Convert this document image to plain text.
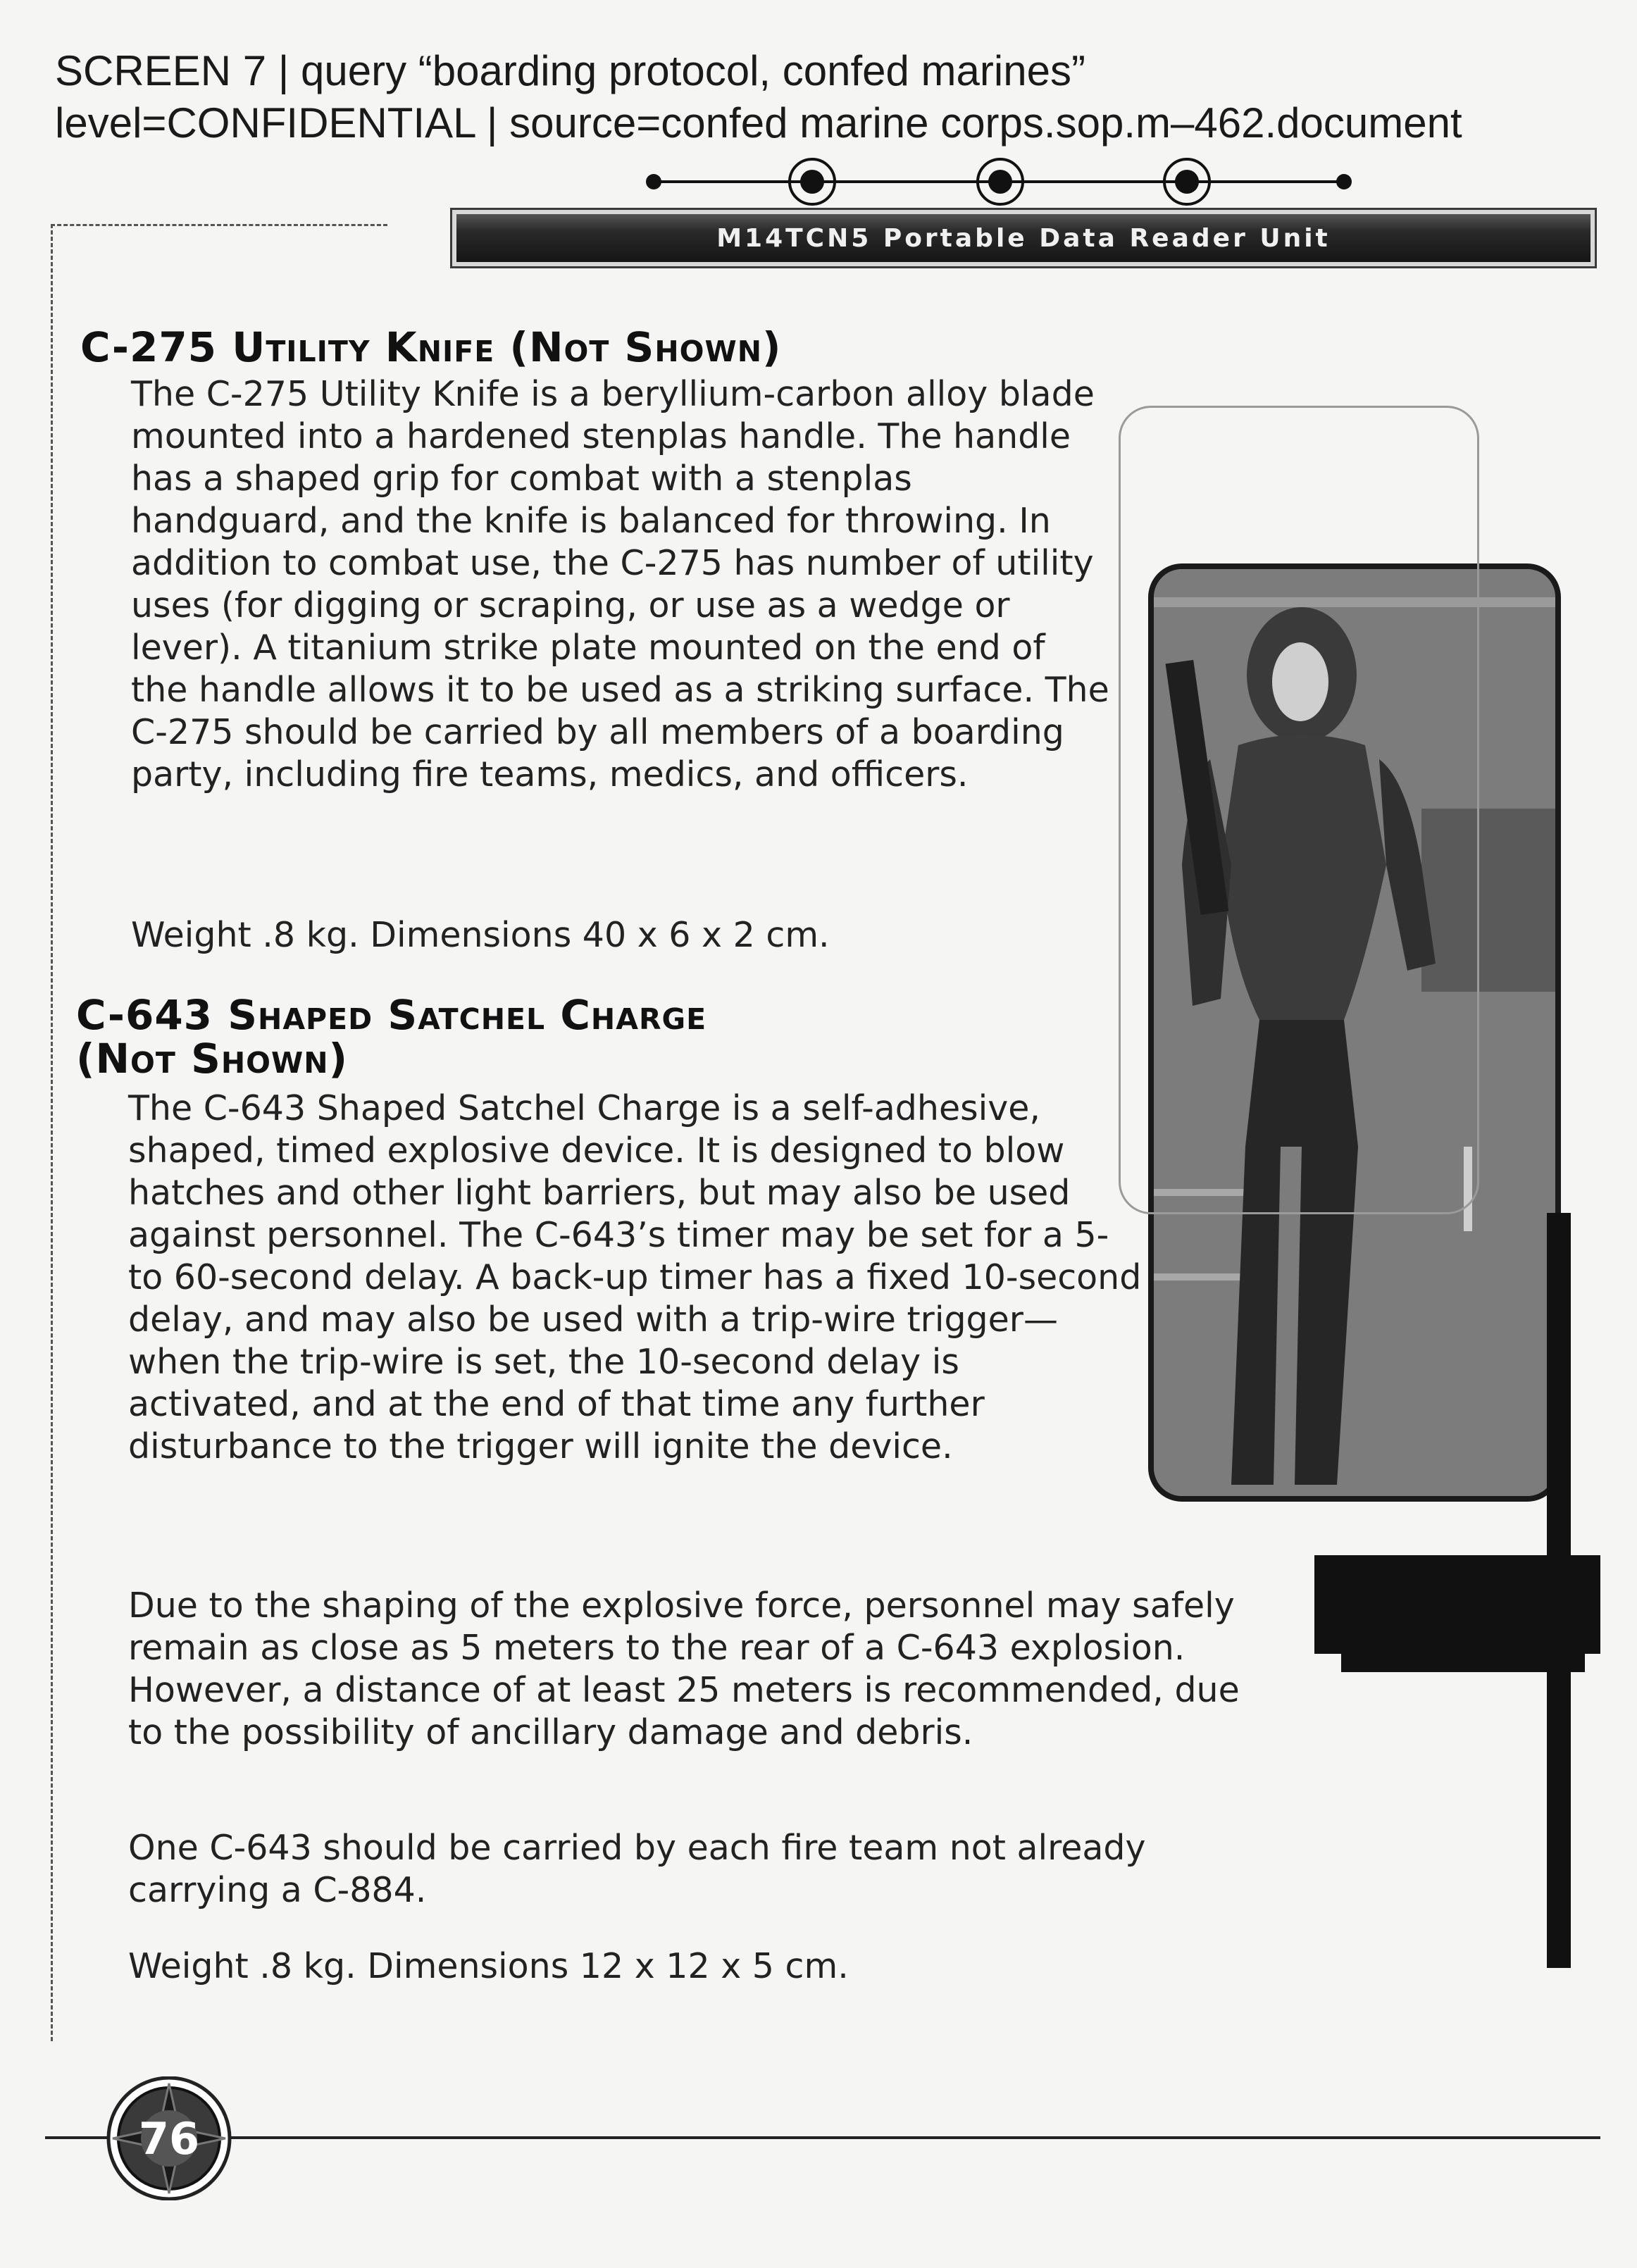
SCREEN 7 | query “boarding protocol, confed marines”
level=CONFIDENTIAL | source=confed marine corps.sop.m–462.document
M14TCN5 Portable Data Reader Unit
C-275 Utility Knife (Not Shown)

The C-275 Utility Knife is a beryllium-carbon alloy blade mounted into a hardened stenplas handle. The handle has a shaped grip for combat with a stenplas handguard, and the knife is balanced for throwing. In addition to combat use, the C-275 has number of utility uses (for digging or scraping, or use as a wedge or lever). A titanium strike plate mounted on the end of the handle allows it to be used as a striking surface. The C-275 should be carried by all members of a boarding party, including fire teams, medics, and officers.

Weight .8 kg. Dimensions 40 x 6 x 2 cm.

C-643 Shaped Satchel Charge
(Not Shown)

The C-643 Shaped Satchel Charge is a self-adhesive, shaped, timed explosive device. It is designed to blow hatches and other light barriers, but may also be used against personnel. The C-643’s timer may be set for a 5- to 60-second delay. A back-up timer has a fixed 10-second delay, and may also be used with a trip-wire trigger—when the trip-wire is set, the 10-second delay is activated, and at the end of that time any further disturbance to the trigger will ignite the device.

Due to the shaping of the explosive force, personnel may safely remain as close as 5 meters to the rear of a C-643 explosion. However, a distance of at least 25 meters is recommended, due to the possibility of ancillary damage and debris.

One C-643 should be carried by each fire team not already carrying a C-884.

Weight .8 kg. Dimensions 12 x 12 x 5 cm.

76
